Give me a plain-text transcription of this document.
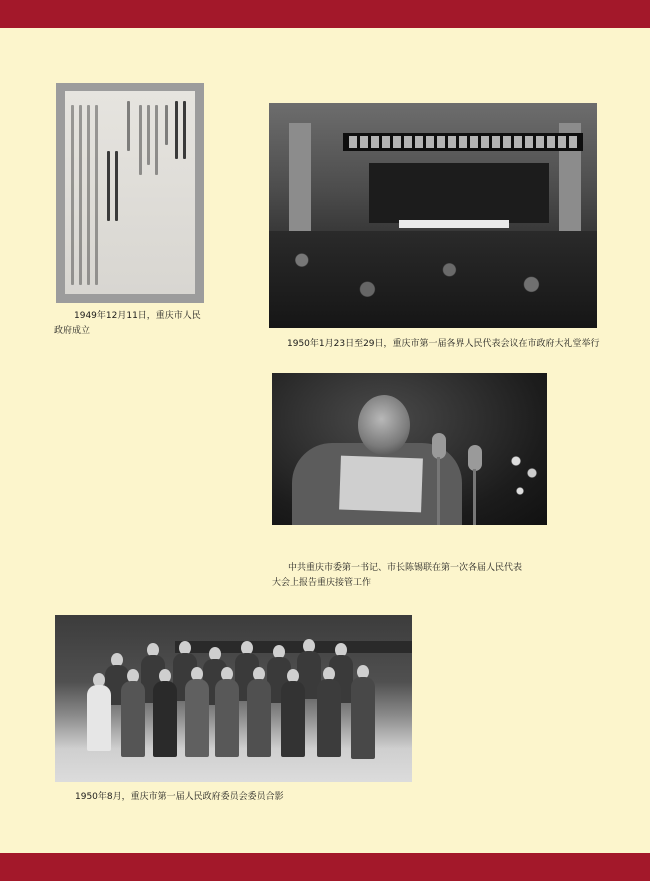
1949年12月11日，重庆市人民
政府成立
1950年1月23日至29日，重庆市第一届各界人民代表会议在市政府大礼堂举行
中共重庆市委第一书记、市长陈锡联在第一次各届人民代表
大会上报告重庆接管工作
1950年8月，重庆市第一届人民政府委员会委员合影
